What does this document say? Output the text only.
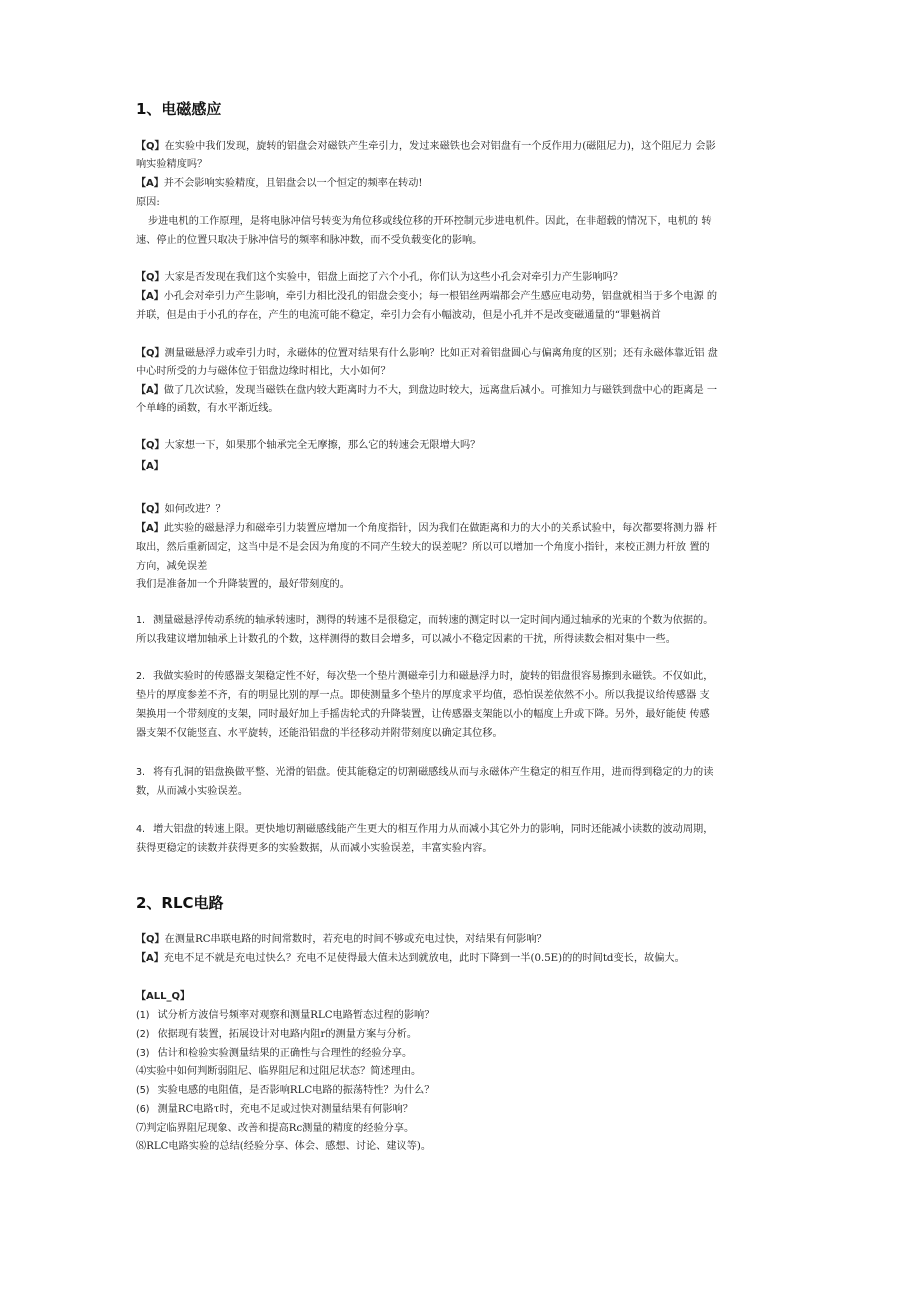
1、电磁感应
【Q】在实验中我们发现，旋转的铝盘会对磁铁产生牵引力，发过来磁铁也会对铝盘有一个反作用力(磁阻尼力)，这个阻尼力 会影
响实验精度吗？
【A】并不会影响实验精度，且铝盘会以一个恒定的频率在转动!
原因:
步进电机的工作原理，是将电脉冲信号转变为角位移或线位移的开环控制元步进电机件。因此，在非超载的情况下，电机的 转
速、停止的位置只取决于脉冲信号的频率和脉冲数，而不受负载变化的影响。
【Q】大家是否发现在我们这个实验中，铝盘上面挖了六个小孔，你们认为这些小孔会对牵引力产生影响吗？
【A】小孔会对牵引力产生影响，牵引力相比没孔的铝盘会变小；每一根铝丝两端都会产生感应电动势，铝盘就相当于多个电源 的
并联，但是由于小孔的存在，产生的电流可能不稳定，牵引力会有小幅波动，但是小孔并不是改变磁通量的“罪魁祸首
【Q】测量磁悬浮力或牵引力时，永磁体的位置对结果有什么影响？比如正对着铝盘圆心与偏离角度的区别；还有永磁体靠近铝 盘
中心时所受的力与磁体位于铝盘边缘时相比，大小如何？
【A】做了几次试验，发现当磁铁在盘内较大距离时力不大，到盘边时较大，远离盘后减小。可推知力与磁铁到盘中心的距离是 一
个单峰的函数，有水平渐近线。
【Q】大家想一下，如果那个轴承完全无摩擦，那么它的转速会无限增大吗？
【A】
【Q】如何改进？？
【A】此实验的磁悬浮力和磁牵引力装置应增加一个角度指针，因为我们在做距离和力的大小的关系试验中，每次都要将测力器 杆
取出，然后重新固定，这当中是不是会因为角度的不同产生较大的误差呢？所以可以增加一个角度小指针，来校正测力杆放 置的
方向，减免误差
我们是准备加一个升降装置的，最好带刻度的。
1. 测量磁悬浮传动系统的轴承转速时，测得的转速不是很稳定，而转速的测定时以一定时间内通过轴承的光束的个数为依据的。
所以我建议增加轴承上计数孔的个数，这样测得的数目会增多，可以减小不稳定因素的干扰，所得读数会相对集中一些。
2. 我做实验时的传感器支架稳定性不好，每次垫一个垫片测磁牵引力和磁悬浮力时，旋转的铝盘很容易擦到永磁铁。不仅如此，
垫片的厚度参差不齐，有的明显比别的厚一点。即使测量多个垫片的厚度求平均值，恐怕误差依然不小。所以我提议给传感器 支
架换用一个带刻度的支架，同时最好加上手摇齿轮式的升降装置，让传感器支架能以小的幅度上升或下降。另外，最好能使 传感
器支架不仅能竖直、水平旋转，还能沿铝盘的半径移动并附带刻度以确定其位移。
3. 将有孔洞的铝盘换做平整、光滑的铝盘。使其能稳定的切割磁感线从而与永磁体产生稳定的相互作用，进而得到稳定的力的读
数，从而减小实验误差。
4. 增大铝盘的转速上限。更快地切割磁感线能产生更大的相互作用力从而减小其它外力的影响，同时还能减小读数的波动周期，
获得更稳定的读数并获得更多的实验数据，从而减小实验误差，丰富实验内容。
2、RLC电路
【Q】在测量RC串联电路的时间常数时，若充电的时间不够或充电过快，对结果有何影响？
【A】充电不足不就是充电过快么？充电不足使得最大值未达到就放电，此时下降到一半(0.5E)的的时间td变长，故偏大。
【ALL_Q】
(1) 试分析方波信号频率对观察和测量RLC电路暂态过程的影响？
(2) 依据现有装置，拓展设计对电路内阻r的测量方案与分析。
(3) 估计和检验实验测量结果的正确性与合理性的经验分享。
⑷实验中如何判断弱阻尼、临界阻尼和过阻尼状态？简述理由。
(5) 实验电感的电阻值，是否影响RLC电路的振荡特性？为什么？
(6) 测量RC电路τ时，充电不足或过快对测量结果有何影响？
⑺判定临界阻尼现象、改善和提高Rc测量的精度的经验分享。
⑻RLC电路实验的总结(经验分享、体会、感想、讨论、建议等)。
